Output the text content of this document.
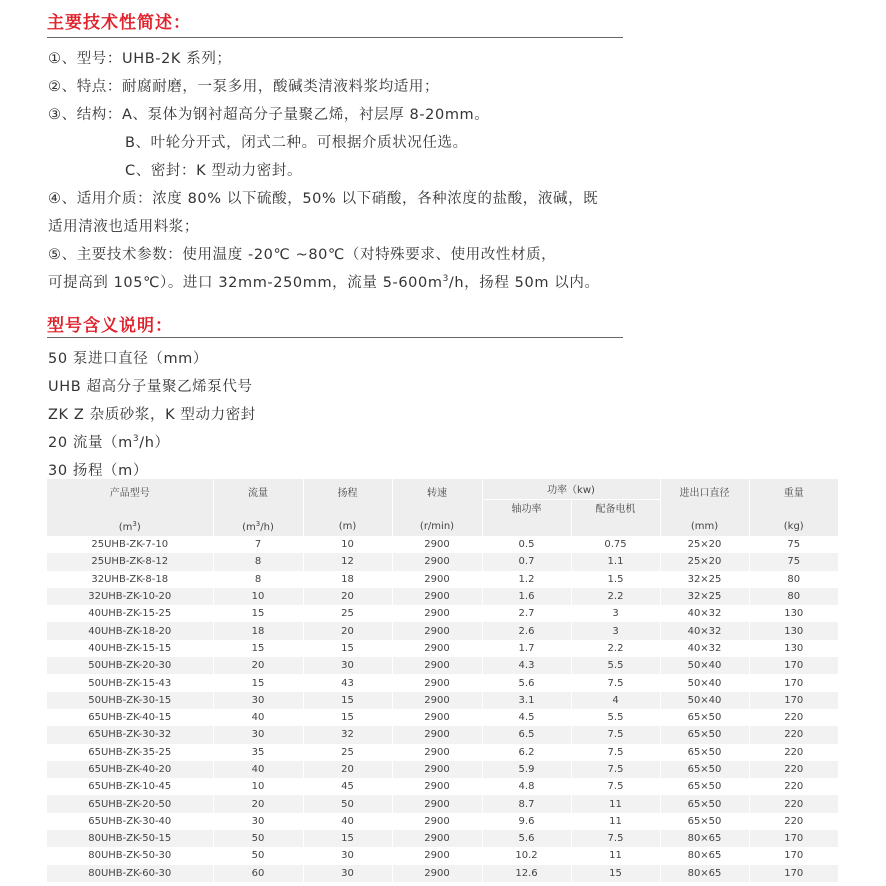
主要技术性简述：
①、型号：UHB-2K 系列；
②、特点：耐腐耐磨，一泵多用，酸碱类清液料浆均适用；
③、结构：A、泵体为钢衬超高分子量聚乙烯，衬层厚 8-20mm。
B、叶轮分开式，闭式二种。可根据介质状况任选。
C、密封：K 型动力密封。
④、适用介质：浓度 80% 以下硫酸，50% 以下硝酸，各种浓度的盐酸，液碱，既
适用清液也适用料浆；
⑤、主要技术参数：使用温度 -20℃ ~80℃（对特殊要求、使用改性材质，
可提高到 105℃）。进口 32mm-250mm，流量 $5-600m^3/h$，扬程 50m 以内。
型号含义说明：
50 泵进口直径（mm）
UHB 超高分子量聚乙烯泵代号
ZK Z 杂质砂浆，K 型动力密封
20 流量$(m^3/h)$
30 扬程（m）
产品型号	流量	扬程	转速	功率（kw)		进出口直径	重量
				轴功率	配备电机		
$(m^3)$	$(m^3/h)$	(m)	(r/min)			(mm)	(kg)
25UHB-ZK-7-10	7	10	2900	0.5	0.75	25×20	75
25UHB-ZK-8-12	8	12	2900	0.7	1.1	25×20	75
32UHB-ZK-8-18	8	18	2900	1.2	1.5	32×25	80
32UHB-ZK-10-20	10	20	2900	1.6	2.2	32×25	80
40UHB-ZK-15-25	15	25	2900	2.7	3	40×32	130
40UHB-ZK-18-20	18	20	2900	2.6	3	40×32	130
40UHB-ZK-15-15	15	15	2900	1.7	2.2	40×32	130
50UHB-ZK-20-30	20	30	2900	4.3	5.5	50×40	170
50UHB-ZK-15-43	15	43	2900	5.6	7.5	50×40	170
50UHB-ZK-30-15	30	15	2900	3.1	4	50×40	170
65UHB-ZK-40-15	40	15	2900	4.5	5.5	65×50	220
65UHB-ZK-30-32	30	32	2900	6.5	7.5	65×50	220
65UHB-ZK-35-25	35	25	2900	6.2	7.5	65×50	220
65UHB-ZK-40-20	40	20	2900	5.9	7.5	65×50	220
65UHB-ZK-10-45	10	45	2900	4.8	7.5	65×50	220
65UHB-ZK-20-50	20	50	2900	8.7	11	65×50	220
65UHB-ZK-30-40	30	40	2900	9.6	11	65×50	220
80UHB-ZK-50-15	50	15	2900	5.6	7.5	80×65	170
80UHB-ZK-50-30	50	30	2900	10.2	11	80×65	170
80UHB-ZK-60-30	60	30	2900	12.6	15	80×65	170
